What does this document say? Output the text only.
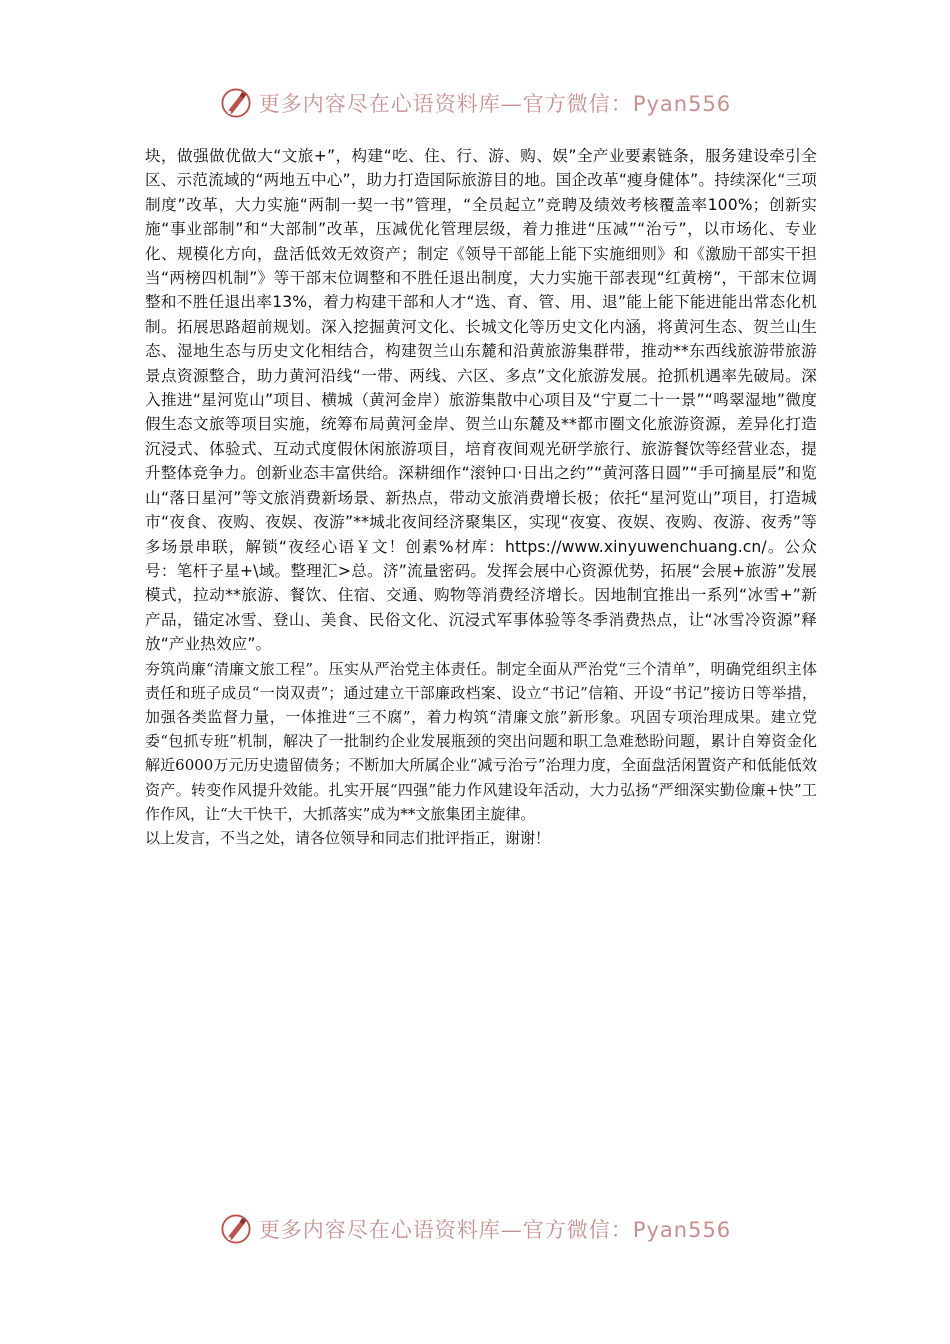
更多内容尽在心语资料库—官方微信：Pyan556

块，做强做优做大“文旅+”，构建“吃、住、行、游、购、娱”全产业要素链条，服务建设牵引全区、示范流域的“两地五中心”，助力打造国际旅游目的地。国企改革“瘦身健体”。持续深化“三项制度”改革，大力实施“两制一契一书”管理，“全员起立”竞聘及绩效考核覆盖率100%；创新实施“事业部制”和“大部制”改革，压减优化管理层级，着力推进“压减”“治亏”，以市场化、专业化、规模化方向，盘活低效无效资产；制定《领导干部能上能下实施细则》和《激励干部实干担当“两榜四机制”》等干部末位调整和不胜任退出制度，大力实施干部表现“红黄榜”，干部末位调整和不胜任退出率13%，着力构建干部和人才“选、育、管、用、退”能上能下能进能出常态化机制。拓展思路超前规划。深入挖掘黄河文化、长城文化等历史文化内涵，将黄河生态、贺兰山生态、湿地生态与历史文化相结合，构建贺兰山东麓和沿黄旅游集群带，推动**东西线旅游带旅游景点资源整合，助力黄河沿线“一带、两线、六区、多点”文化旅游发展。抢抓机遇率先破局。深入推进“星河览山”项目、横城（黄河金岸）旅游集散中心项目及“宁夏二十一景”“鸣翠湿地”微度假生态文旅等项目实施，统筹布局黄河金岸、贺兰山东麓及**都市圈文化旅游资源，差异化打造沉浸式、体验式、互动式度假休闲旅游项目，培育夜间观光研学旅行、旅游餐饮等经营业态，提升整体竞争力。创新业态丰富供给。深耕细作“滚钟口·日出之约”“黄河落日圆”“手可摘星辰”和览山“落日星河”等文旅消费新场景、新热点，带动文旅消费增长极；依托“星河览山”项目，打造城市“夜食、夜购、夜娱、夜游”**城北夜间经济聚集区，实现“夜宴、夜娱、夜购、夜游、夜秀”等多场景串联，解锁“夜经心语￥文！创素%材库：https://www.xinyuwenchuang.cn/。公众号：笔杆子星+\域。整理汇>总。济”流量密码。发挥会展中心资源优势，拓展“会展+旅游”发展模式，拉动**旅游、餐饮、住宿、交通、购物等消费经济增长。因地制宜推出一系列“冰雪+”新产品，锚定冰雪、登山、美食、民俗文化、沉浸式军事体验等冬季消费热点，让“冰雪冷资源”释放“产业热效应”。

夯筑尚廉“清廉文旅工程”。压实从严治党主体责任。制定全面从严治党“三个清单”，明确党组织主体责任和班子成员“一岗双责”；通过建立干部廉政档案、设立“书记”信箱、开设“书记”接访日等举措，加强各类监督力量，一体推进“三不腐”，着力构筑“清廉文旅”新形象。巩固专项治理成果。建立党委“包抓专班”机制，解决了一批制约企业发展瓶颈的突出问题和职工急难愁盼问题，累计自筹资金化解近6000万元历史遗留债务；不断加大所属企业“减亏治亏”治理力度，全面盘活闲置资产和低能低效资产。转变作风提升效能。扎实开展“四强”能力作风建设年活动，大力弘扬“严细深实勤俭廉+快”工作作风，让“大干快干，大抓落实”成为**文旅集团主旋律。

以上发言，不当之处，请各位领导和同志们批评指正，谢谢！

更多内容尽在心语资料库—官方微信：Pyan556
